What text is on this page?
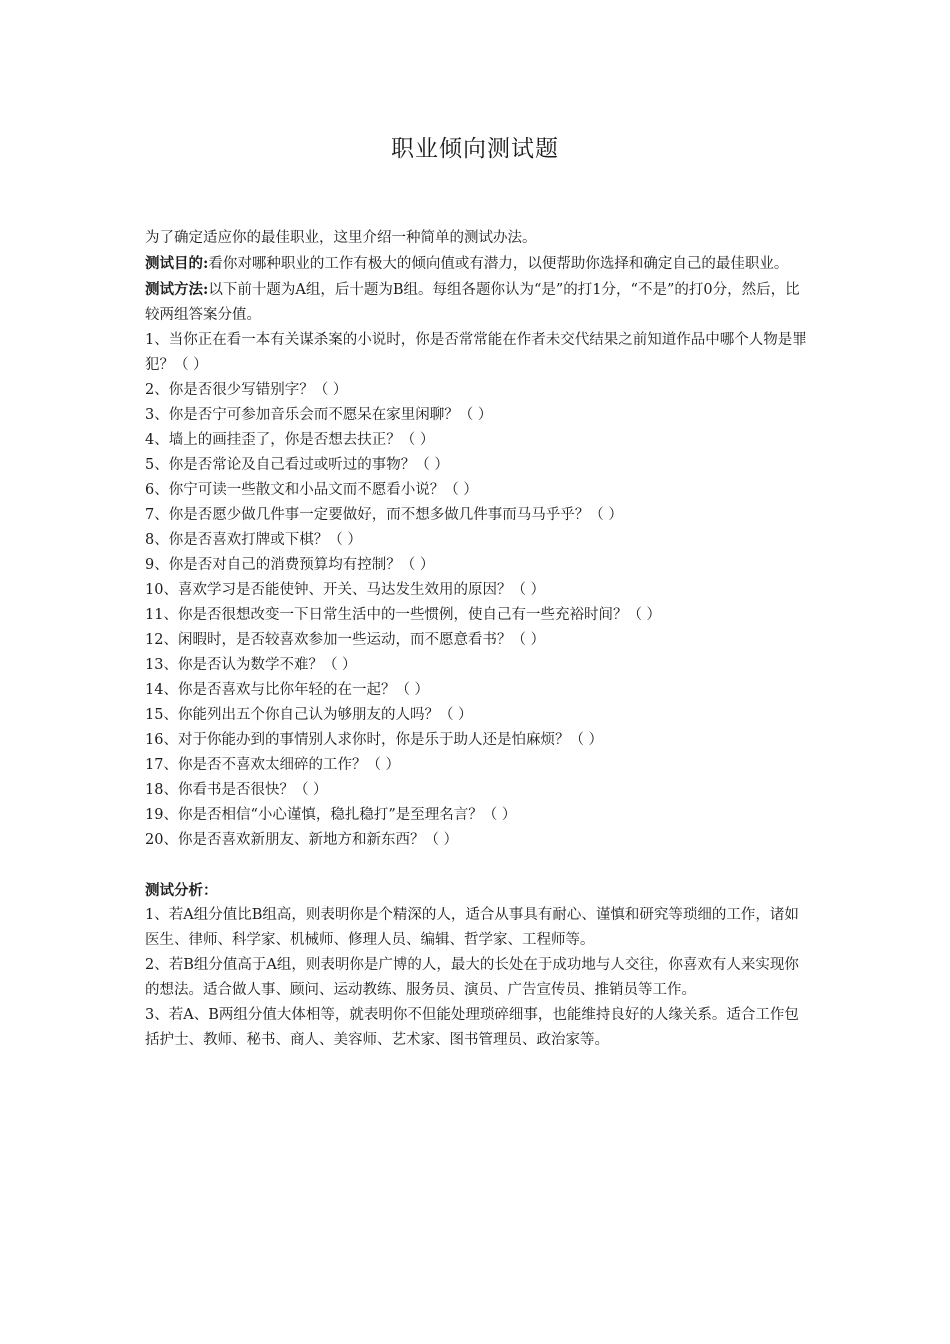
职业倾向测试题

为了确定适应你的最佳职业，这里介绍一种简单的测试办法。

测试目的:看你对哪种职业的工作有极大的倾向值或有潜力，以便帮助你选择和确定自己的最佳职业。

测试方法:以下前十题为A组，后十题为B组。每组各题你认为“是”的打1分，“不是”的打0分，然后，比较两组答案分值。

1、当你正在看一本有关谋杀案的小说时，你是否常常能在作者未交代结果之前知道作品中哪个人物是罪犯？（ ）

2、你是否很少写错别字？（ ）

3、你是否宁可参加音乐会而不愿呆在家里闲聊？（ ）

4、墙上的画挂歪了，你是否想去扶正？（ ）

5、你是否常论及自己看过或听过的事物？（ ）

6、你宁可读一些散文和小品文而不愿看小说？（ ）

7、你是否愿少做几件事一定要做好，而不想多做几件事而马马乎乎？（ ）

8、你是否喜欢打牌或下棋？（ ）

9、你是否对自己的消费预算均有控制？（ ）

10、喜欢学习是否能使钟、开关、马达发生效用的原因？（ ）

11、你是否很想改变一下日常生活中的一些惯例，使自己有一些充裕时间？（ ）

12、闲暇时，是否较喜欢参加一些运动，而不愿意看书？（ ）

13、你是否认为数学不难？（ ）

14、你是否喜欢与比你年轻的在一起？（ ）

15、你能列出五个你自己认为够朋友的人吗？（ ）

16、对于你能办到的事情别人求你时，你是乐于助人还是怕麻烦？（ ）

17、你是否不喜欢太细碎的工作？（ ）

18、你看书是否很快？（ ）

19、你是否相信“小心谨慎，稳扎稳打”是至理名言？（ ）

20、你是否喜欢新朋友、新地方和新东西？（ ）

测试分析：

1、若A组分值比B组高，则表明你是个精深的人，适合从事具有耐心、谨慎和研究等琐细的工作，诸如医生、律师、科学家、机械师、修理人员、编辑、哲学家、工程师等。

2、若B组分值高于A组，则表明你是广博的人，最大的长处在于成功地与人交往，你喜欢有人来实现你的想法。适合做人事、顾问、运动教练、服务员、演员、广告宣传员、推销员等工作。

3、若A、B两组分值大体相等，就表明你不但能处理琐碎细事，也能维持良好的人缘关系。适合工作包括护士、教师、秘书、商人、美容师、艺术家、图书管理员、政治家等。
